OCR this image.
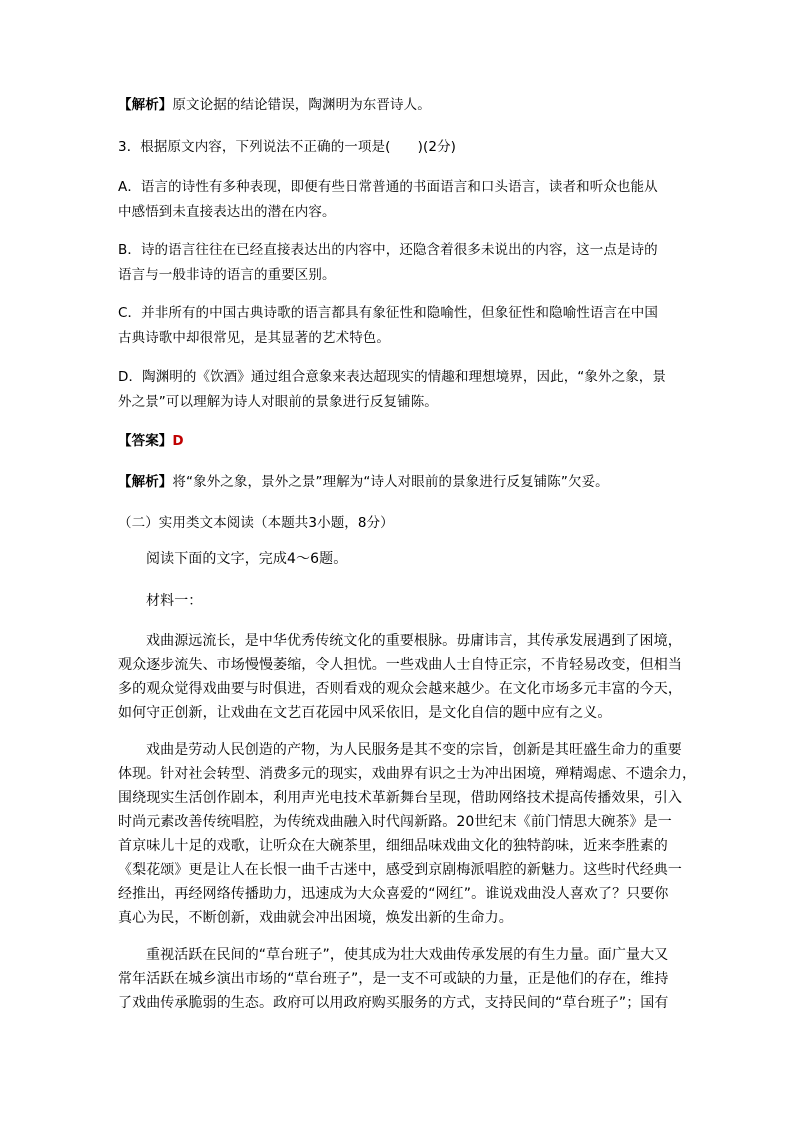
【解析】原文论据的结论错误，陶渊明为东晋诗人。
3．根据原文内容，下列说法不正确的一项是(　　)(2分)
A．语言的诗性有多种表现，即便有些日常普通的书面语言和口头语言，读者和听众也能从
中感悟到未直接表达出的潜在内容。
B．诗的语言往往在已经直接表达出的内容中，还隐含着很多未说出的内容，这一点是诗的
语言与一般非诗的语言的重要区别。
C．并非所有的中国古典诗歌的语言都具有象征性和隐喻性，但象征性和隐喻性语言在中国
古典诗歌中却很常见，是其显著的艺术特色。
D．陶渊明的《饮酒》通过组合意象来表达超现实的情趣和理想境界，因此，“象外之象，景
外之景”可以理解为诗人对眼前的景象进行反复铺陈。
【答案】D
【解析】将“象外之象，景外之景”理解为“诗人对眼前的景象进行反复铺陈”欠妥。
（二）实用类文本阅读（本题共3小题，8分）
阅读下面的文字，完成4～6题。
材料一：
戏曲源远流长，是中华优秀传统文化的重要根脉。毋庸讳言，其传承发展遇到了困境，
观众逐步流失、市场慢慢萎缩，令人担忧。一些戏曲人士自恃正宗，不肯轻易改变，但相当
多的观众觉得戏曲要与时俱进，否则看戏的观众会越来越少。在文化市场多元丰富的今天，
如何守正创新，让戏曲在文艺百花园中风采依旧，是文化自信的题中应有之义。
戏曲是劳动人民创造的产物，为人民服务是其不变的宗旨，创新是其旺盛生命力的重要
体现。针对社会转型、消费多元的现实，戏曲界有识之士为冲出困境，殚精竭虑、不遗余力，
围绕现实生活创作剧本，利用声光电技术革新舞台呈现，借助网络技术提高传播效果，引入
时尚元素改善传统唱腔，为传统戏曲融入时代闯新路。20世纪末《前门情思大碗茶》是一
首京味儿十足的戏歌，让听众在大碗茶里，细细品味戏曲文化的独特韵味，近来李胜素的
《梨花颂》更是让人在长恨一曲千古迷中，感受到京剧梅派唱腔的新魅力。这些时代经典一
经推出，再经网络传播助力，迅速成为大众喜爱的“网红”。谁说戏曲没人喜欢了？只要你
真心为民，不断创新，戏曲就会冲出困境，焕发出新的生命力。
重视活跃在民间的“草台班子”，使其成为壮大戏曲传承发展的有生力量。面广量大又
常年活跃在城乡演出市场的“草台班子”，是一支不可或缺的力量，正是他们的存在，维持
了戏曲传承脆弱的生态。政府可以用政府购买服务的方式，支持民间的“草台班子”；国有
